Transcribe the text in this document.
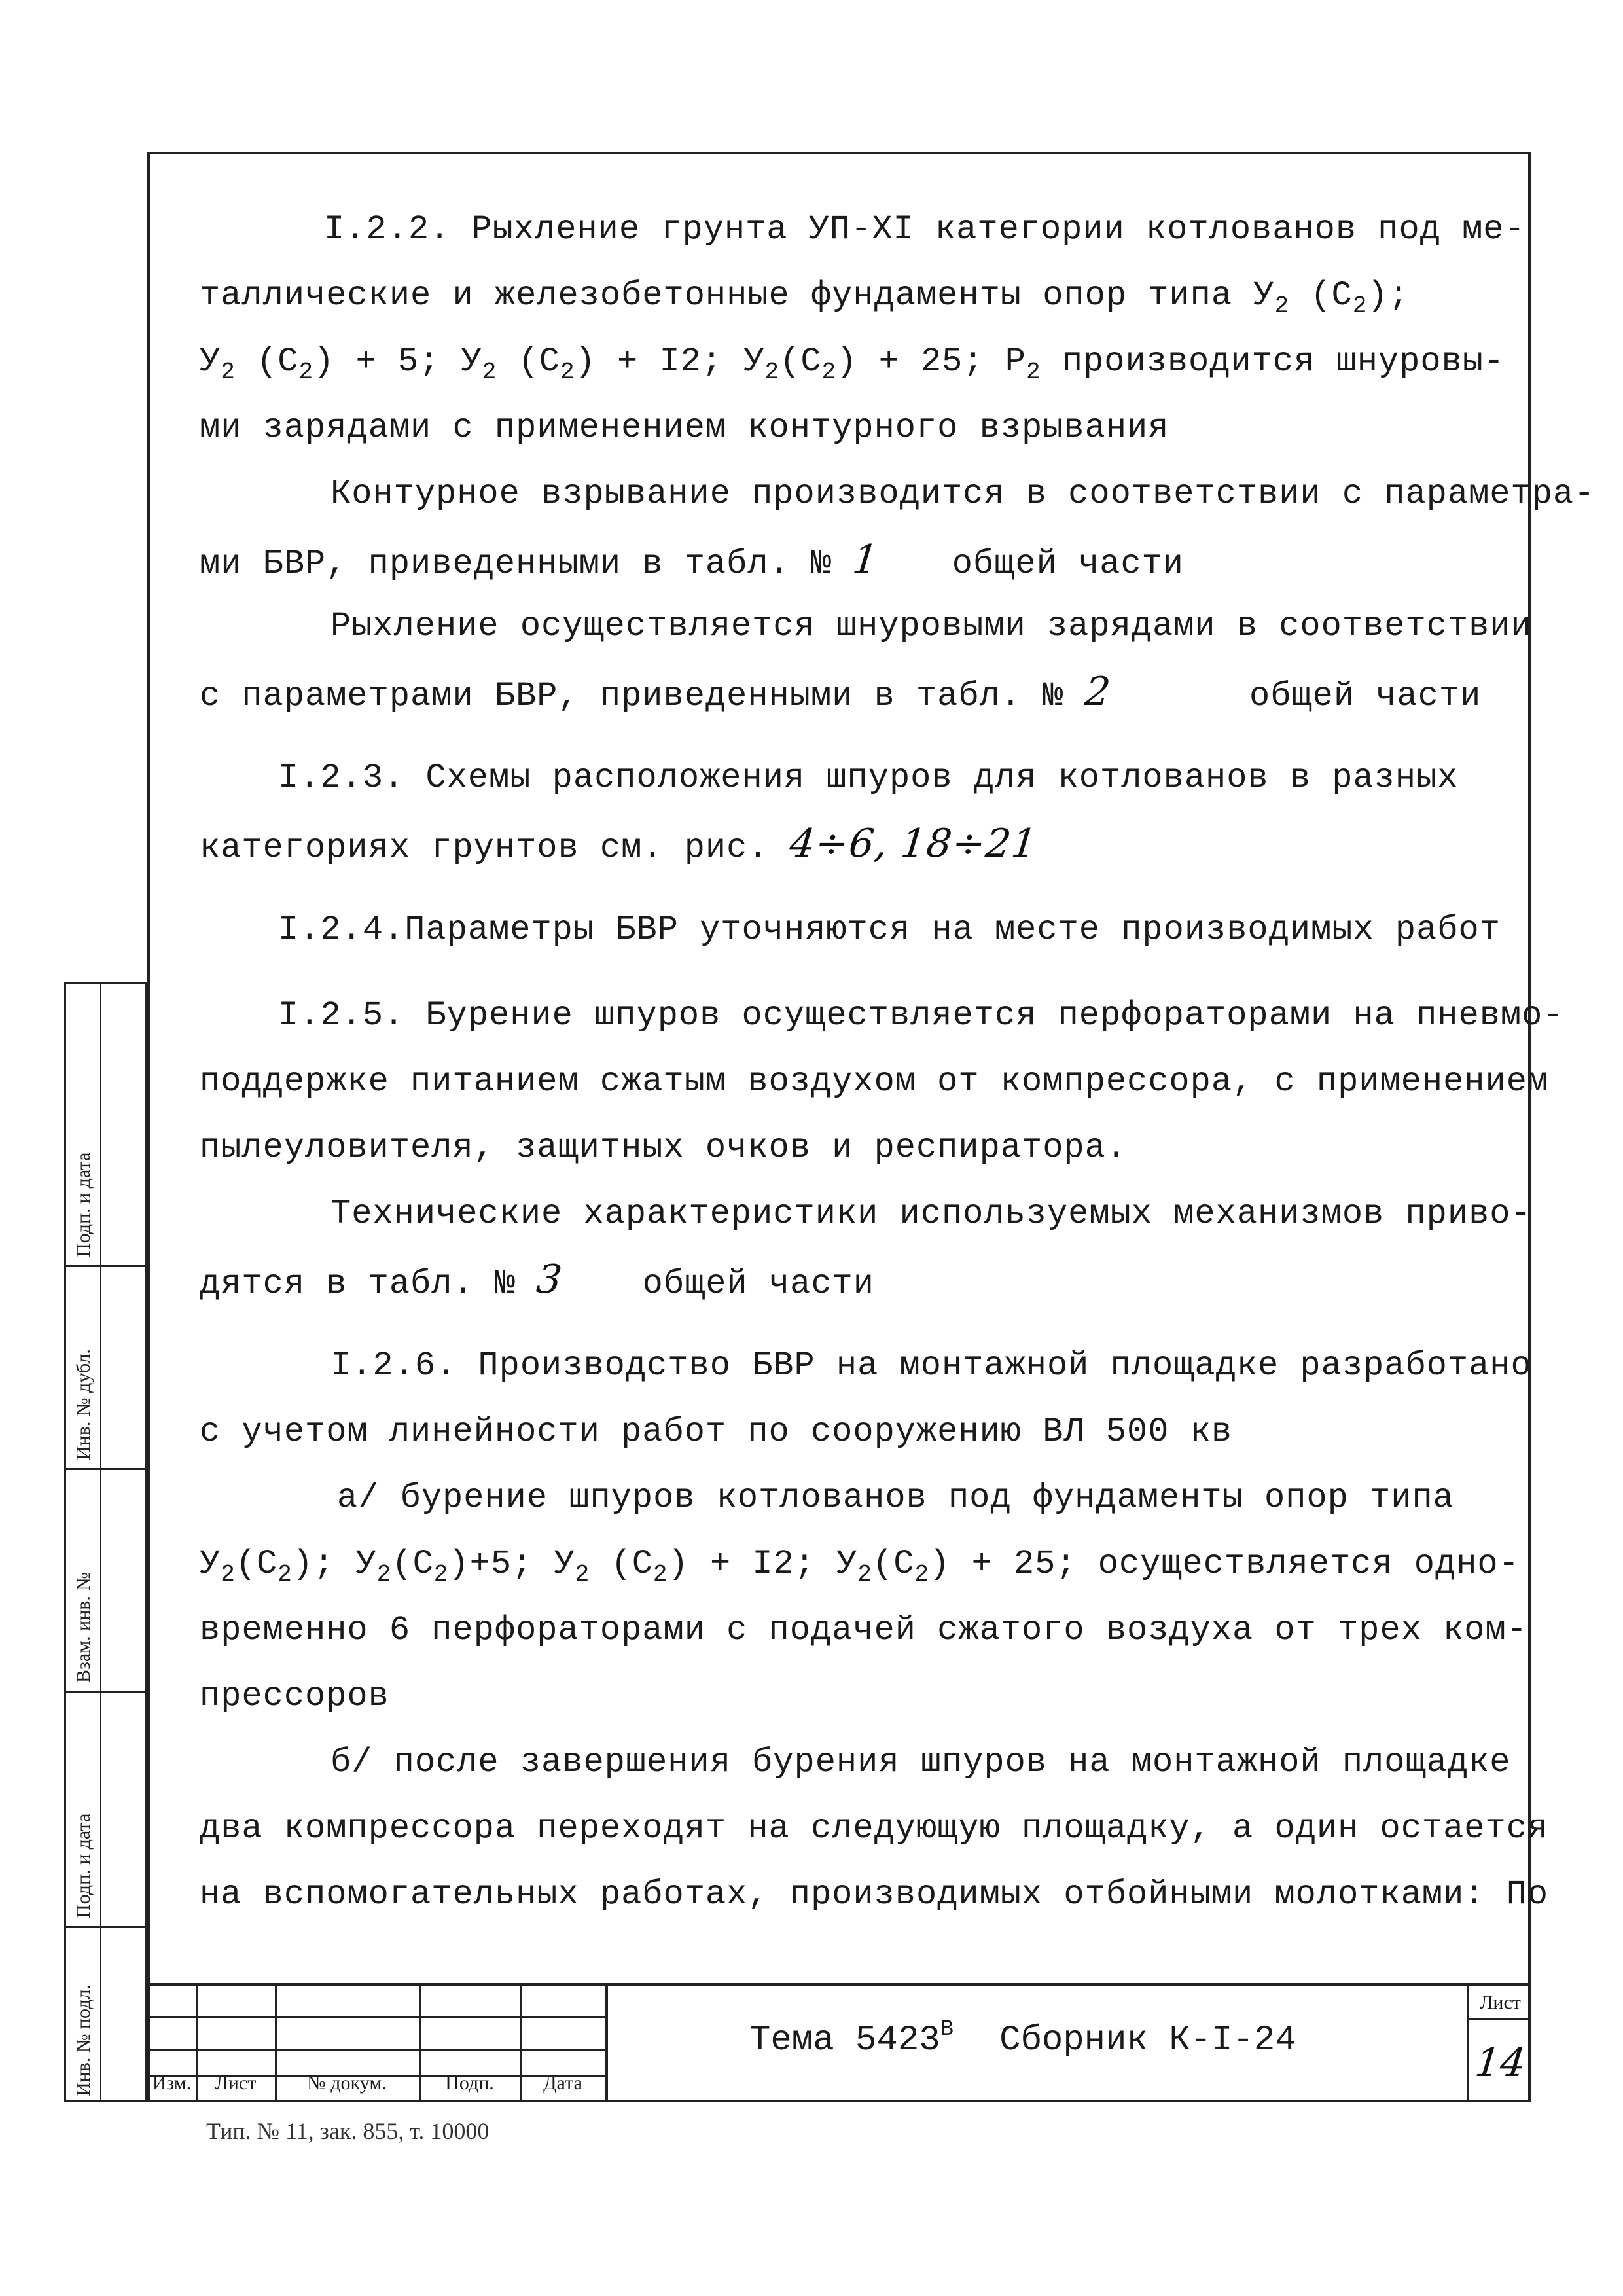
I.2.2. Рыхление грунта УП-XI категории котлованов под ме-
таллические и железобетонные фундаменты опор типа $У_2$ $(С_2)$;
$У_2$ $(С_2) + 5$; $У_2$ $(С_2) + I2$; $У_2(С_2) + 25$; $Р_2$ производится шнуровы-
ми зарядами с применением контурного взрывания
Контурное взрывание производится в соответствии с параметра-
ми БВР, приведенными в табл. № 1 общей части
Рыхление осуществляется шнуровыми зарядами в соответствии
с параметрами БВР, приведенными в табл. № 2	общей части
I.2.3. Схемы расположения шпуров для котлованов в разных
категориях грунтов см. рис. 4÷6, 18÷21
I.2.4.Параметры БВР уточняются на месте производимых работ
I.2.5. Бурение шпуров осуществляется перфораторами на пневмо-
поддержке питанием сжатым воздухом от компрессора, с применением
пылеуловителя, защитных очков и респиратора.
Технические характеристики используемых механизмов приво-
дятся в табл. № 3 общей части
I.2.6. Производство БВР на монтажной площадке разработано
с учетом линейности работ по сооружению ВЛ 500 кв
а/ бурение шпуров котлованов под фундаменты опор типа
$У_2(С_2)$; $У_2(С_2)+5$; $У_2$ $(С_2) + I2$; $У_2(С_2) + 25$; осуществляется одно-
временно 6 перфораторами с подачей сжатого воздуха от трех ком-
прессоров
б/ после завершения бурения шпуров на монтажной площадке
два компрессора переходят на следующую площадку, а один остается
на вспомогательных работах, производимых отбойными молотками: По
Подп. и дата
Инв. № дубл.
Взам. инв. №
Подп. и дата
Инв. № подл.	Изм.	Лист	№ докум.	Подп.	Дата
Тема $5423^В$ Сборник К-I-24
Лист
14
Тип. № 11, зак. 855, т. 10000
